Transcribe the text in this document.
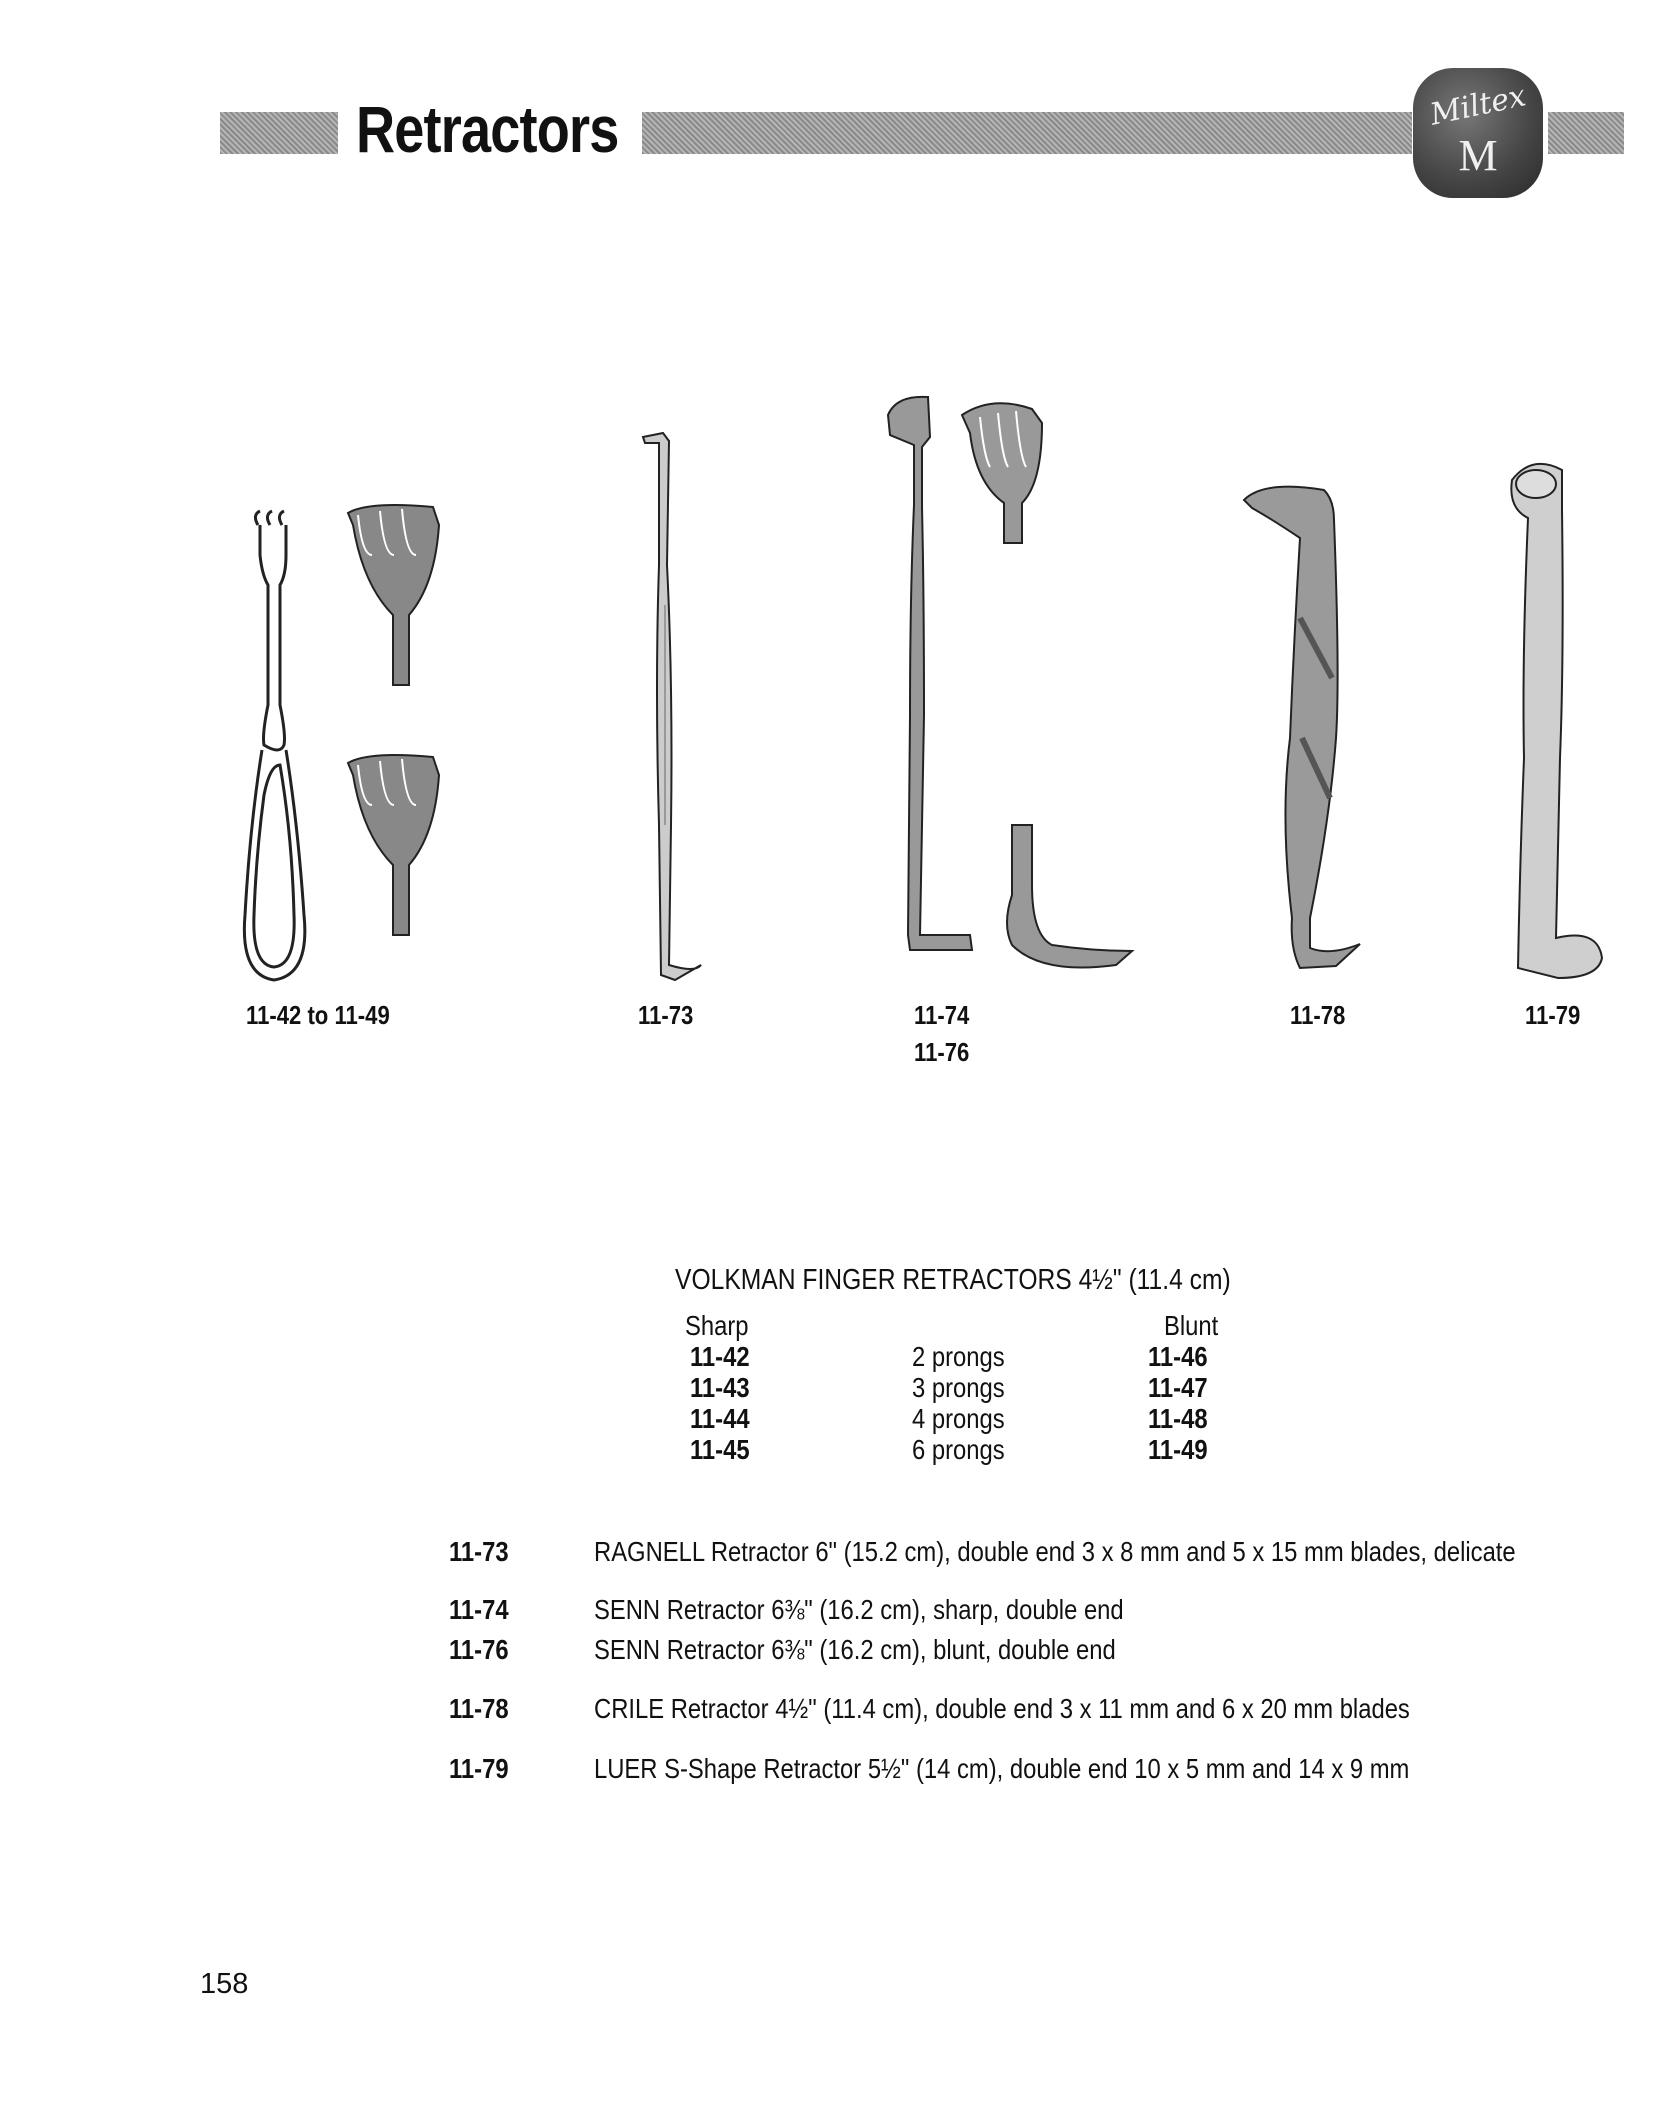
Retractors	Miltex
M
11-42 to 11-49	11-73	11-74
11-76
11-78	11-79
VOLKMAN FINGER RETRACTORS 4½" (11.4 cm)
Sharp	Blunt
11-42	2 prongs	11-46
11-43	3 prongs	11-47
11-44	4 prongs	11-48
11-45	6 prongs	11-49
11-73	RAGNELL Retractor 6" (15.2 cm), double end 3 x 8 mm and 5 x 15 mm blades, delicate
11-74	SENN Retractor 6⅜" (16.2 cm), sharp, double end
11-76	SENN Retractor 6⅜" (16.2 cm), blunt, double end
11-78	CRILE Retractor 4½" (11.4 cm), double end 3 x 11 mm and 6 x 20 mm blades
11-79	LUER S-Shape Retractor 5½" (14 cm), double end 10 x 5 mm and 14 x 9 mm
158
